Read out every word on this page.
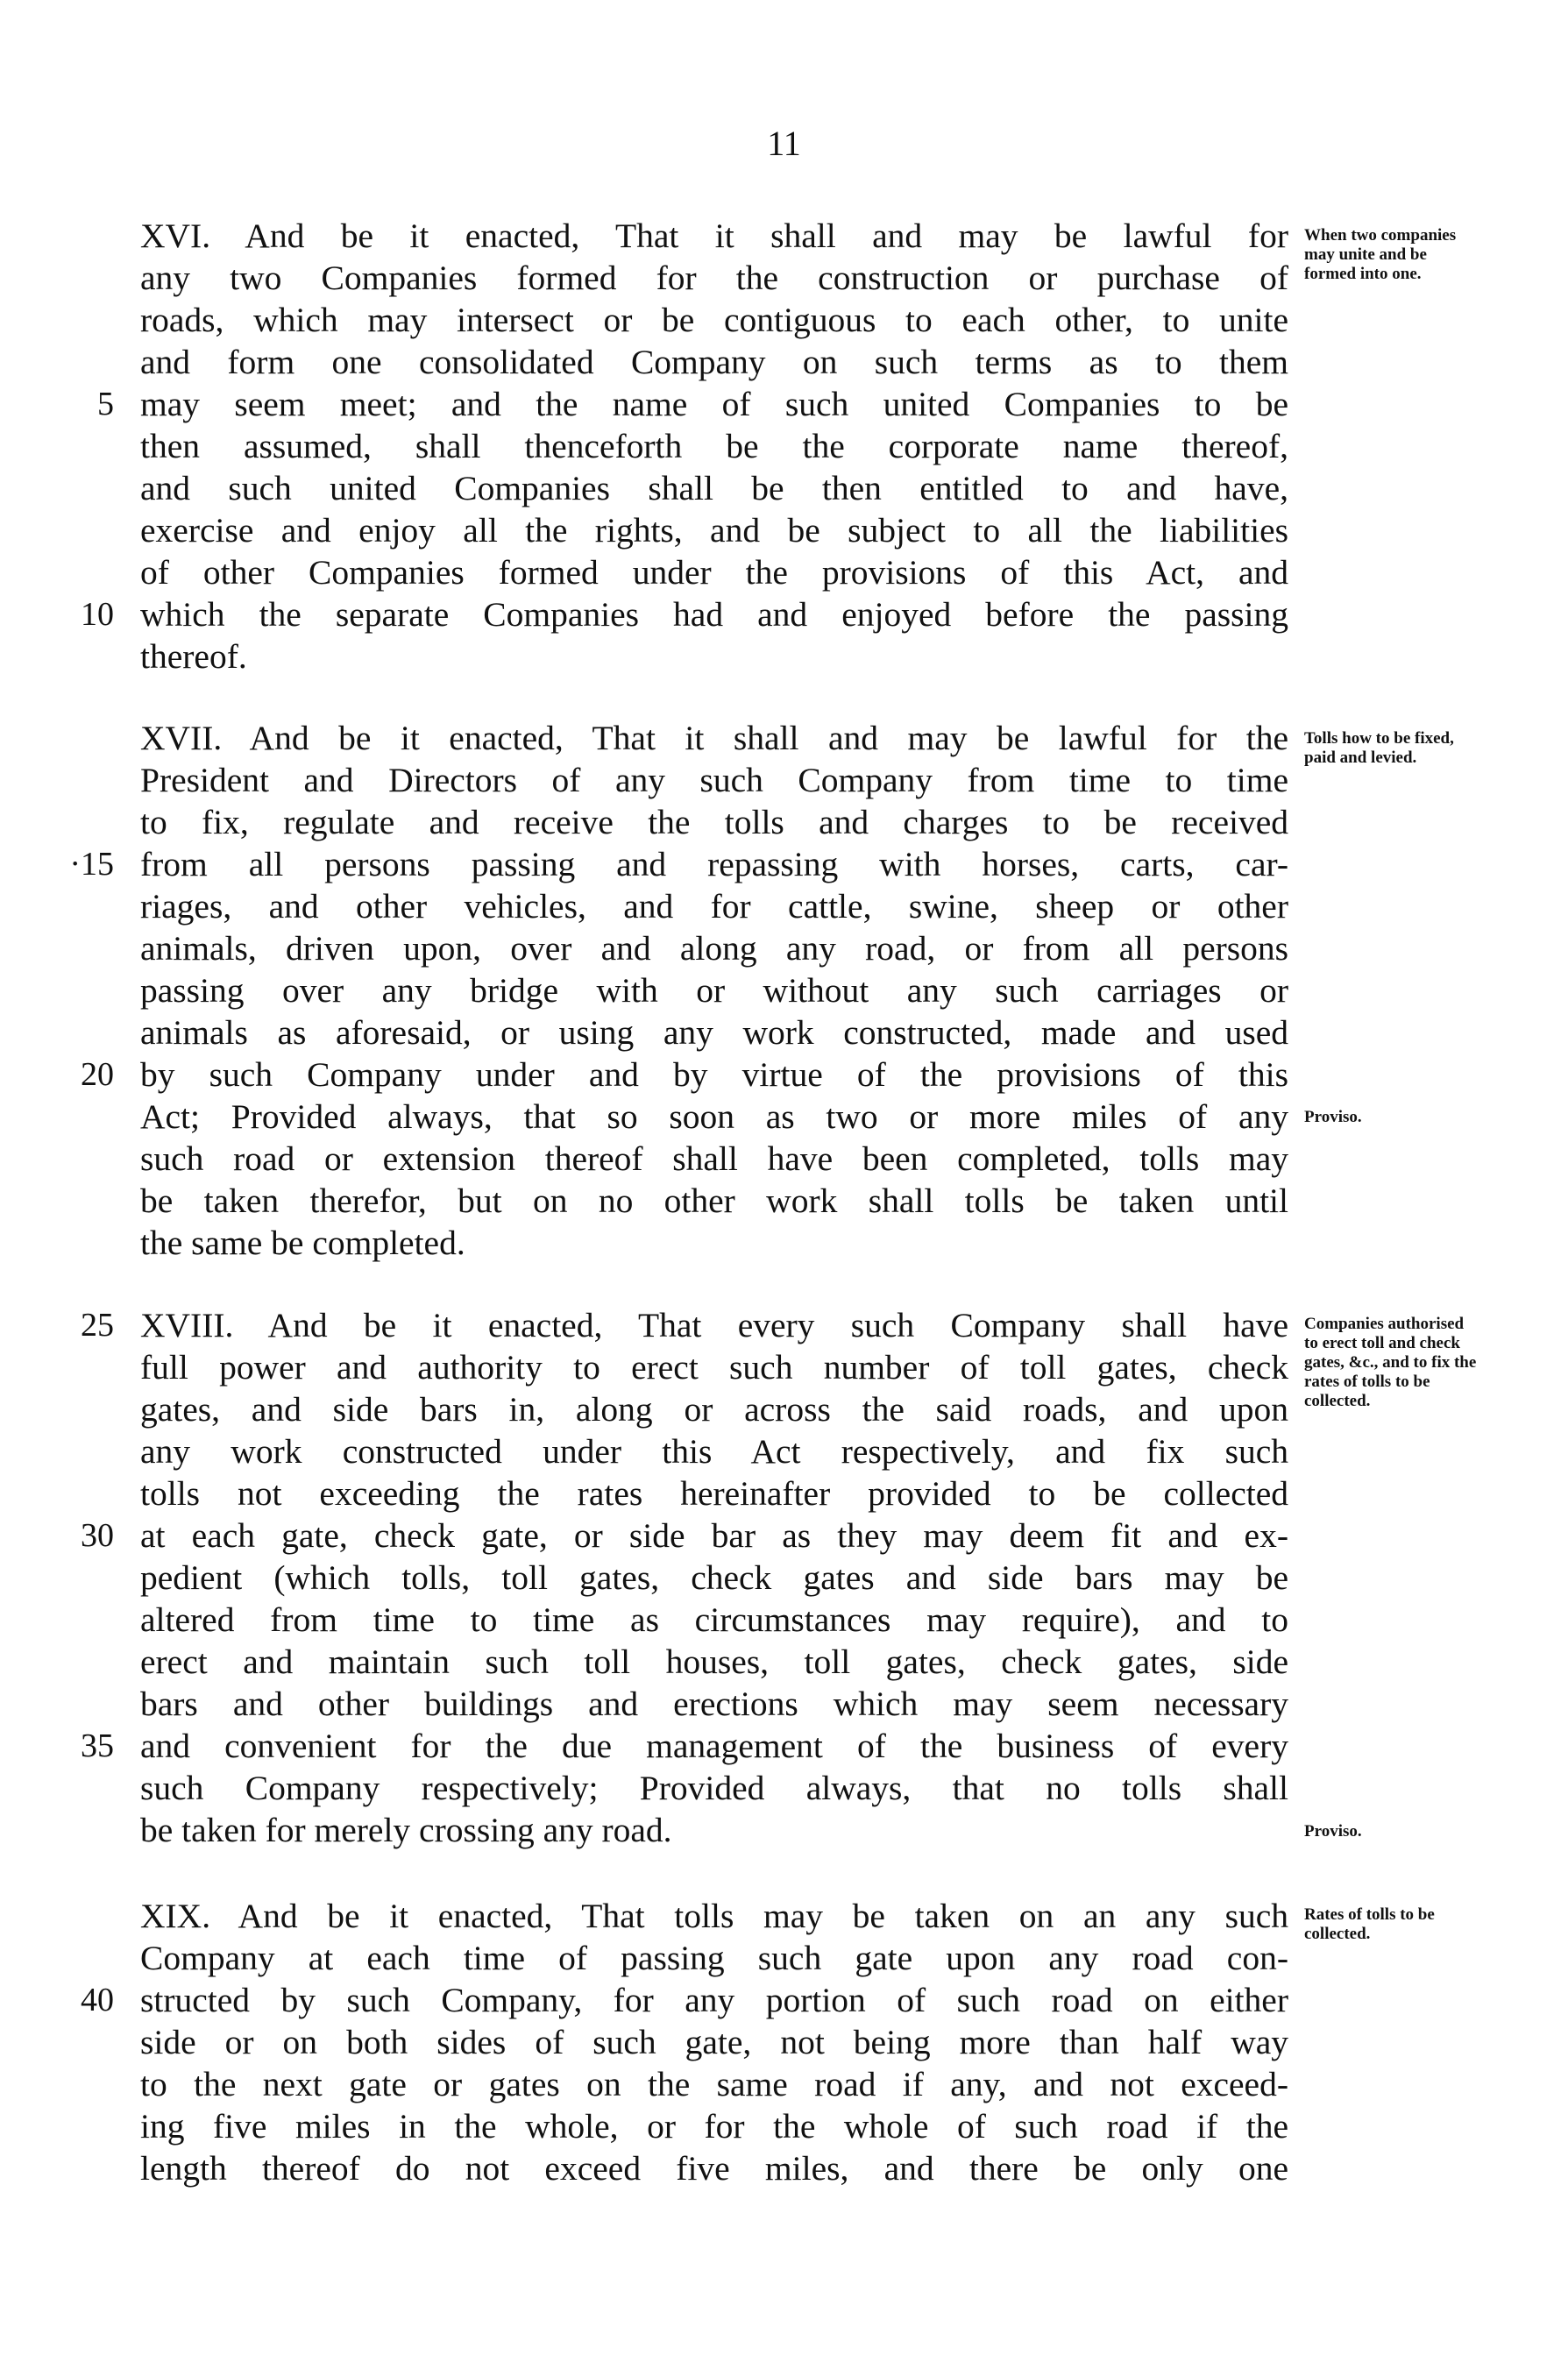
11
XVI. And be it enacted, That it shall and may be lawful for
any two Companies formed for the construction or purchase of
roads, which may intersect or be contiguous to each other, to unite
and form one consolidated Company on such terms as to them
may seem meet; and the name of such united Companies to be
then assumed, shall thenceforth be the corporate name thereof,
and such united Companies shall be then entitled to and have,
exercise and enjoy all the rights, and be subject to all the liabilities
of other Companies formed under the provisions of this Act, and
which the separate Companies had and enjoyed before the passing
thereof.
XVII. And be it enacted, That it shall and may be lawful for the
President and Directors of any such Company from time to time
to fix, regulate and receive the tolls and charges to be received
from all persons passing and repassing with horses, carts, car-
riages, and other vehicles, and for cattle, swine, sheep or other
animals, driven upon, over and along any road, or from all persons
passing over any bridge with or without any such carriages or
animals as aforesaid, or using any work constructed, made and used
by such Company under and by virtue of the provisions of this
Act; Provided always, that so soon as two or more miles of any
such road or extension thereof shall have been completed, tolls may
be taken therefor, but on no other work shall tolls be taken until
the same be completed.
XVIII. And be it enacted, That every such Company shall have
full power and authority to erect such number of toll gates, check
gates, and side bars in, along or across the said roads, and upon
any work constructed under this Act respectively, and fix such
tolls not exceeding the rates hereinafter provided to be collected
at each gate, check gate, or side bar as they may deem fit and ex-
pedient (which tolls, toll gates, check gates and side bars may be
altered from time to time as circumstances may require), and to
erect and maintain such toll houses, toll gates, check gates, side
bars and other buildings and erections which may seem necessary
and convenient for the due management of the business of every
such Company respectively; Provided always, that no tolls shall
be taken for merely crossing any road.
XIX. And be it enacted, That tolls may be taken on an any such
Company at each time of passing such gate upon any road con-
structed by such Company, for any portion of such road on either
side or on both sides of such gate, not being more than half way
to the next gate or gates on the same road if any, and not exceed-
ing five miles in the whole, or for the whole of such road if the
length thereof do not exceed five miles, and there be only one
5
10
·15
20
25
30
35
40
When two companies may unite and be formed into one.
Tolls how to be fixed, paid and levied.
Proviso.
Companies authorised to erect toll and check gates, &c., and to fix the rates of tolls to be collected.
Proviso.
Rates of tolls to be collected.
